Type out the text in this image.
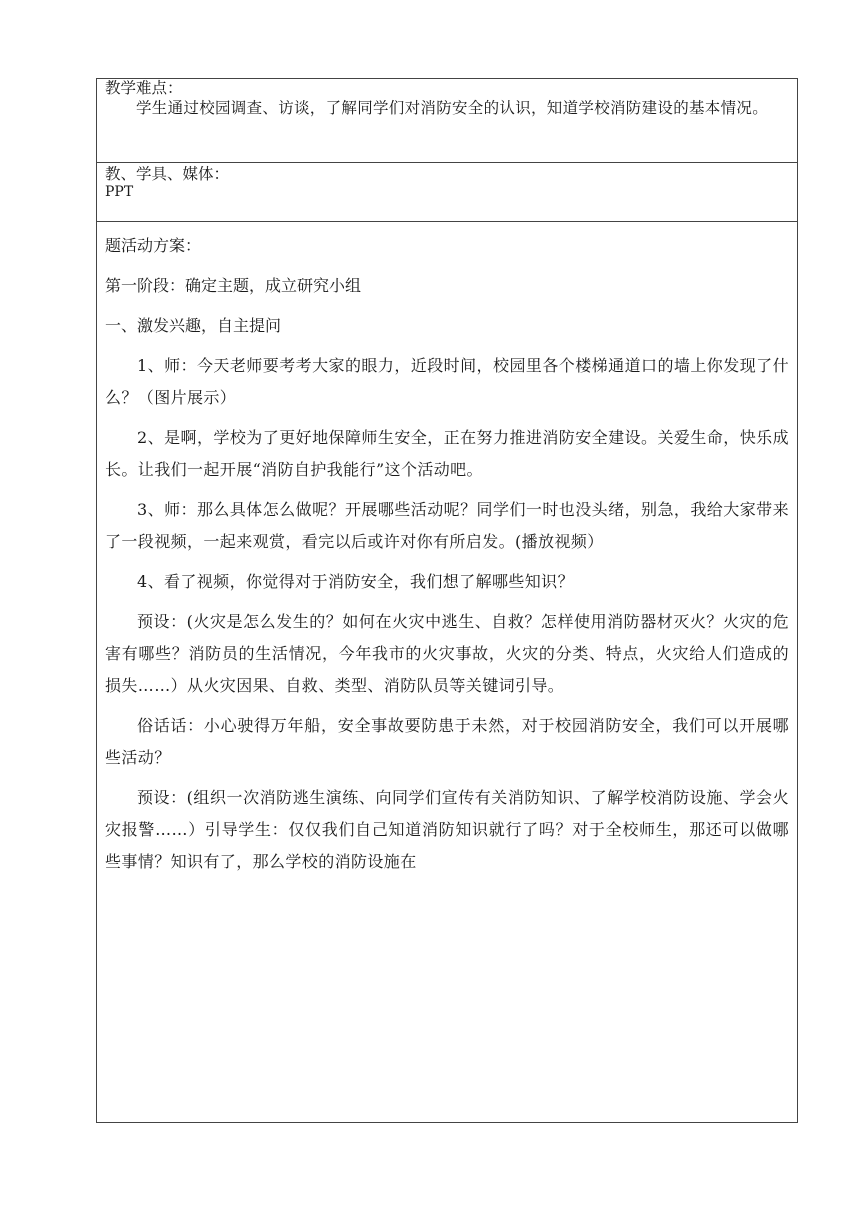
教学难点：

学生通过校园调查、访谈，了解同学们对消防安全的认识，知道学校消防建设的基本情况。

教、学具、媒体：

PPT

题活动方案：

第一阶段：确定主题，成立研究小组

一、激发兴趣，自主提问

1、师：今天老师要考考大家的眼力，近段时间，校园里各个楼梯通道口的墙上你发现了什么？（图片展示）

2、是啊，学校为了更好地保障师生安全，正在努力推进消防安全建设。关爱生命，快乐成长。让我们一起开展“消防自护我能行”这个活动吧。

3、师：那么具体怎么做呢？开展哪些活动呢？同学们一时也没头绪，别急，我给大家带来了一段视频，一起来观赏，看完以后或许对你有所启发。(播放视频）

4、看了视频，你觉得对于消防安全，我们想了解哪些知识？

预设：(火灾是怎么发生的？如何在火灾中逃生、自救？怎样使用消防器材灭火？火灾的危害有哪些？消防员的生活情况，今年我市的火灾事故，火灾的分类、特点，火灾给人们造成的损失……）从火灾因果、自救、类型、消防队员等关键词引导。

俗话话：小心驶得万年船，安全事故要防患于未然，对于校园消防安全，我们可以开展哪些活动？

预设：(组织一次消防逃生演练、向同学们宣传有关消防知识、了解学校消防设施、学会火灾报警……）引导学生：仅仅我们自己知道消防知识就行了吗？对于全校师生，那还可以做哪些事情？知识有了，那么学校的消防设施在
